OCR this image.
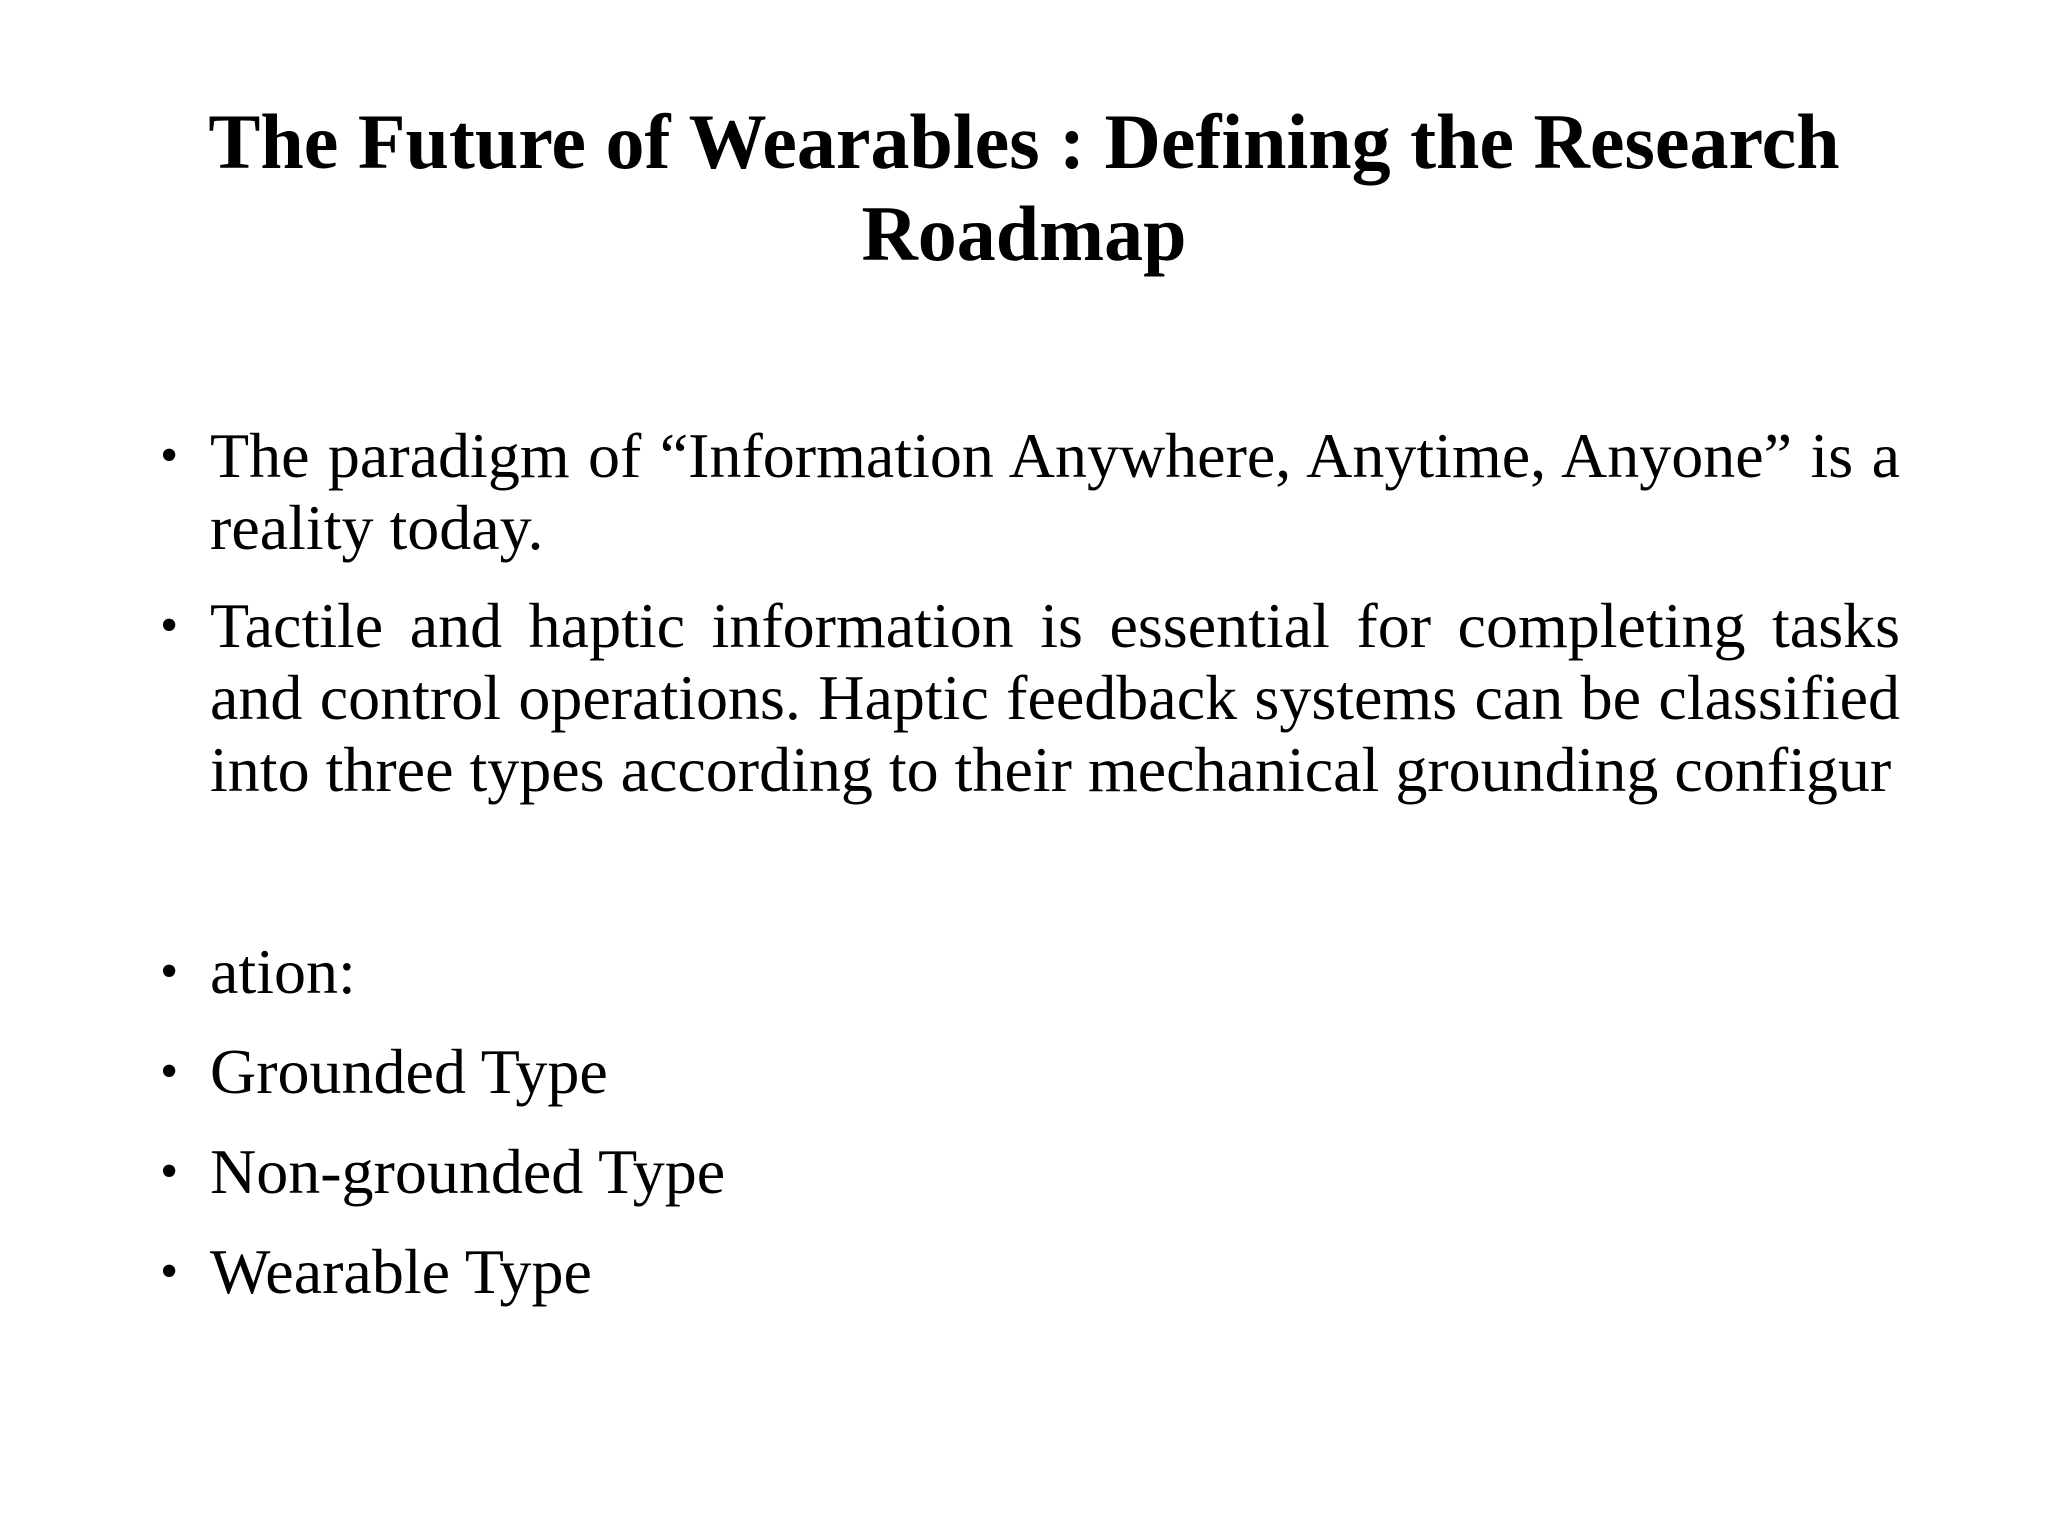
The Future of Wearables : Defining the Research Roadmap
• The paradigm of “Information Anywhere, Anytime, Anyone” is a reality today.
• Tactile and haptic information is essential for completing tasks and control operations. Haptic feedback systems can be classified into three types according to their mechanical grounding configur
• ation:
• Grounded Type
• Non-grounded Type
• Wearable Type
